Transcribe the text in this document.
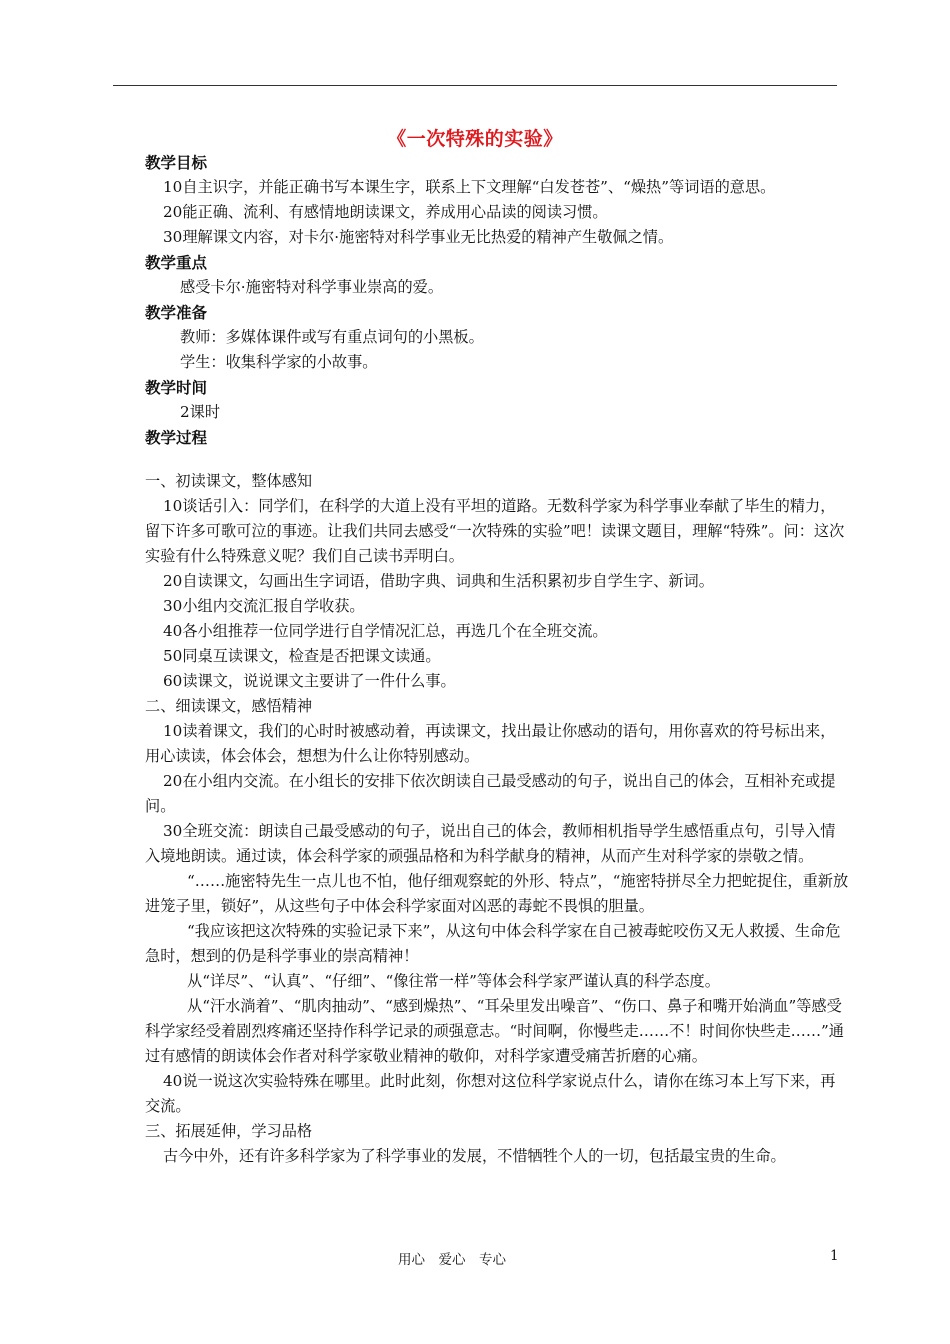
《一次特殊的实验》

教学目标

10自主识字，并能正确书写本课生字，联系上下文理解“白发苍苍”、“燥热”等词语的意思。

20能正确、流利、有感情地朗读课文，养成用心品读的阅读习惯。

30理解课文内容，对卡尔·施密特对科学事业无比热爱的精神产生敬佩之情。

教学重点

感受卡尔·施密特对科学事业崇高的爱。

教学准备

教师：多媒体课件或写有重点词句的小黑板。

学生：收集科学家的小故事。

教学时间

2课时

教学过程

一、初读课文，整体感知

10谈话引入：同学们，在科学的大道上没有平坦的道路。无数科学家为科学事业奉献了毕生的精力，留下许多可歌可泣的事迹。让我们共同去感受“一次特殊的实验”吧！读课文题目，理解“特殊”。问：这次实验有什么特殊意义呢？我们自己读书弄明白。

20自读课文，勾画出生字词语，借助字典、词典和生活积累初步自学生字、新词。

30小组内交流汇报自学收获。

40各小组推荐一位同学进行自学情况汇总，再选几个在全班交流。

50同桌互读课文，检查是否把课文读通。

60读课文，说说课文主要讲了一件什么事。

二、细读课文，感悟精神

10读着课文，我们的心时时被感动着，再读课文，找出最让你感动的语句，用你喜欢的符号标出来，用心读读，体会体会，想想为什么让你特别感动。

20在小组内交流。在小组长的安排下依次朗读自己最受感动的句子，说出自己的体会，互相补充或提问。

30全班交流：朗读自己最受感动的句子，说出自己的体会，教师相机指导学生感悟重点句，引导入情入境地朗读。通过读，体会科学家的顽强品格和为科学献身的精神，从而产生对科学家的崇敬之情。

“……施密特先生一点儿也不怕，他仔细观察蛇的外形、特点”，“施密特拼尽全力把蛇捉住，重新放进笼子里，锁好”，从这些句子中体会科学家面对凶恶的毒蛇不畏惧的胆量。

“我应该把这次特殊的实验记录下来”，从这句中体会科学家在自己被毒蛇咬伤又无人救援、生命危急时，想到的仍是科学事业的崇高精神！

从“详尽”、“认真”、“仔细”、“像往常一样”等体会科学家严谨认真的科学态度。

从“汗水淌着”、“肌肉抽动”、“感到燥热”、“耳朵里发出噪音”、“伤口、鼻子和嘴开始淌血”等感受科学家经受着剧烈疼痛还坚持作科学记录的顽强意志。“时间啊，你慢些走……不！时间你快些走……”通过有感情的朗读体会作者对科学家敬业精神的敬仰，对科学家遭受痛苦折磨的心痛。

40说一说这次实验特殊在哪里。此时此刻，你想对这位科学家说点什么，请你在练习本上写下来，再交流。

三、拓展延伸，学习品格

古今中外，还有许多科学家为了科学事业的发展，不惜牺牲个人的一切，包括最宝贵的生命。

用心　爱心　专心	1
